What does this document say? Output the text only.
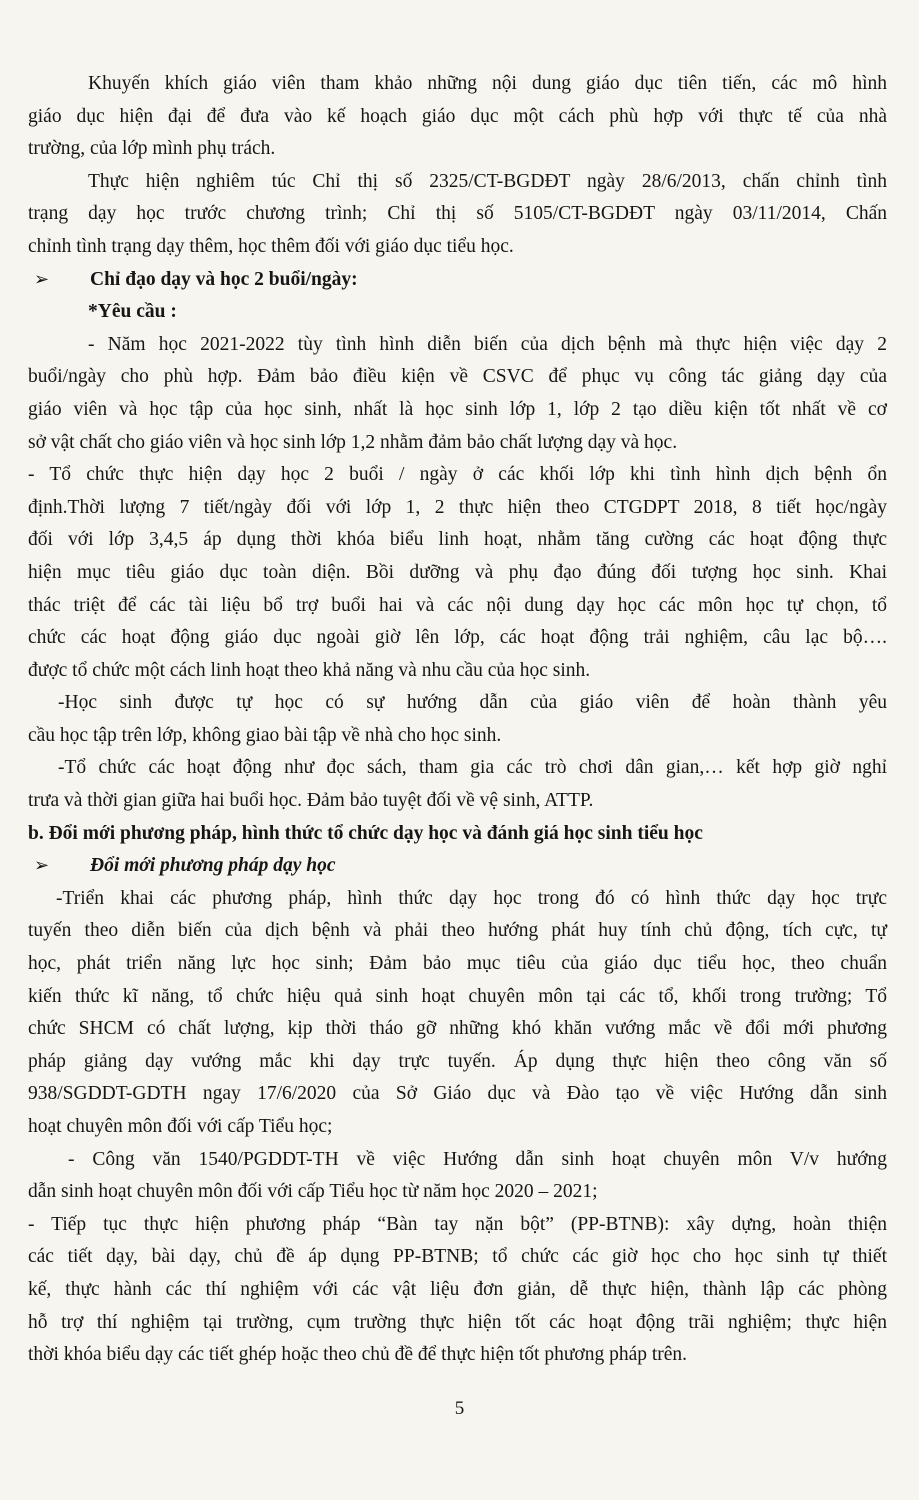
Khuyến khích giáo viên tham khảo những nội dung giáo dục tiên tiến, các mô hình

giáo dục hiện đại để đưa vào kế hoạch giáo dục một cách phù hợp với thực tế của nhà

trường, của lớp mình phụ trách.

Thực hiện nghiêm túc Chỉ thị số 2325/CT-BGDĐT ngày 28/6/2013, chấn chỉnh tình

trạng dạy học trước chương trình; Chỉ thị số 5105/CT-BGDĐT ngày 03/11/2014, Chấn

chỉnh tình trạng dạy thêm, học thêm đối với giáo dục tiểu học.

➢	Chỉ đạo dạy và học 2 buổi/ngày:

*Yêu cầu :

- Năm học 2021-2022 tùy tình hình diễn biến của dịch bệnh mà thực hiện việc dạy 2

buổi/ngày cho phù hợp. Đảm bảo điều kiện về CSVC để phục vụ công tác giảng dạy của

giáo viên và học tập của học sinh, nhất là học sinh lớp 1, lớp 2 tạo diều kiện tốt nhất về cơ

sở vật chất cho giáo viên và học sinh lớp 1,2 nhằm đảm bảo chất lượng dạy và học.

- Tổ chức thực hiện dạy học 2 buổi / ngày ở các khối lớp khi tình hình dịch bệnh ổn

định.Thời lượng 7 tiết/ngày đối với lớp 1, 2 thực hiện theo CTGDPT 2018, 8 tiết học/ngày

đối với lớp 3,4,5 áp dụng thời khóa biểu linh hoạt, nhằm tăng cường các hoạt động thực

hiện mục tiêu giáo dục toàn diện. Bồi dưỡng và phụ đạo đúng đối tượng học sinh. Khai

thác triệt để các tài liệu bổ trợ buổi hai và các nội dung dạy học các môn học tự chọn, tổ

chức các hoạt động giáo dục ngoài giờ lên lớp, các hoạt động trải nghiệm, câu lạc bộ….

được tổ chức một cách linh hoạt theo khả năng và nhu cầu của học sinh.

-Học sinh được tự học có sự hướng dẫn của giáo viên để hoàn thành yêu

cầu học tập trên lớp, không giao bài tập về nhà cho học sinh.

-Tổ chức các hoạt động như đọc sách, tham gia các trò chơi dân gian,… kết hợp giờ nghỉ

trưa và thời gian giữa hai buổi học. Đảm bảo tuyệt đối về vệ sinh, ATTP.

b. Đổi mới phương pháp, hình thức tổ chức dạy học và đánh giá học sinh tiểu học

➢	Đổi mới phương pháp dạy học

-Triển khai các phương pháp, hình thức dạy học trong đó có hình thức dạy học trực

tuyến theo diễn biến của dịch bệnh và phải theo hướng phát huy tính chủ động, tích cực, tự

học, phát triển năng lực học sinh; Đảm bảo mục tiêu của giáo dục tiểu học, theo chuẩn

kiến thức kĩ năng, tổ chức hiệu quả sinh hoạt chuyên môn tại các tổ, khối trong trường; Tổ

chức SHCM có chất lượng, kịp thời tháo gỡ những khó khăn vướng mắc về đổi mới phương

pháp giảng dạy vướng mắc khi dạy trực tuyến. Áp dụng thực hiện theo công văn số

938/SGDDT-GDTH ngay 17/6/2020 của Sở Giáo dục và Đào tạo về việc Hướng dẫn sinh

hoạt chuyên môn đối với cấp Tiểu học;

- Công văn 1540/PGDDT-TH về việc Hướng dẫn sinh hoạt chuyên môn V/v hướng

dẫn sinh hoạt chuyên môn đối với cấp Tiểu học từ năm học 2020 – 2021;

- Tiếp tục thực hiện phương pháp “Bàn tay nặn bột” (PP-BTNB): xây dựng, hoàn thiện

các tiết dạy, bài dạy, chủ đề áp dụng PP-BTNB; tổ chức các giờ học cho học sinh tự thiết

kế, thực hành các thí nghiệm với các vật liệu đơn giản, dễ thực hiện, thành lập các phòng

hỗ trợ thí nghiệm tại trường, cụm trường thực hiện tốt các hoạt động trãi nghiệm; thực hiện

thời khóa biểu dạy các tiết ghép hoặc theo chủ đề để thực hiện tốt phương pháp trên.

5
